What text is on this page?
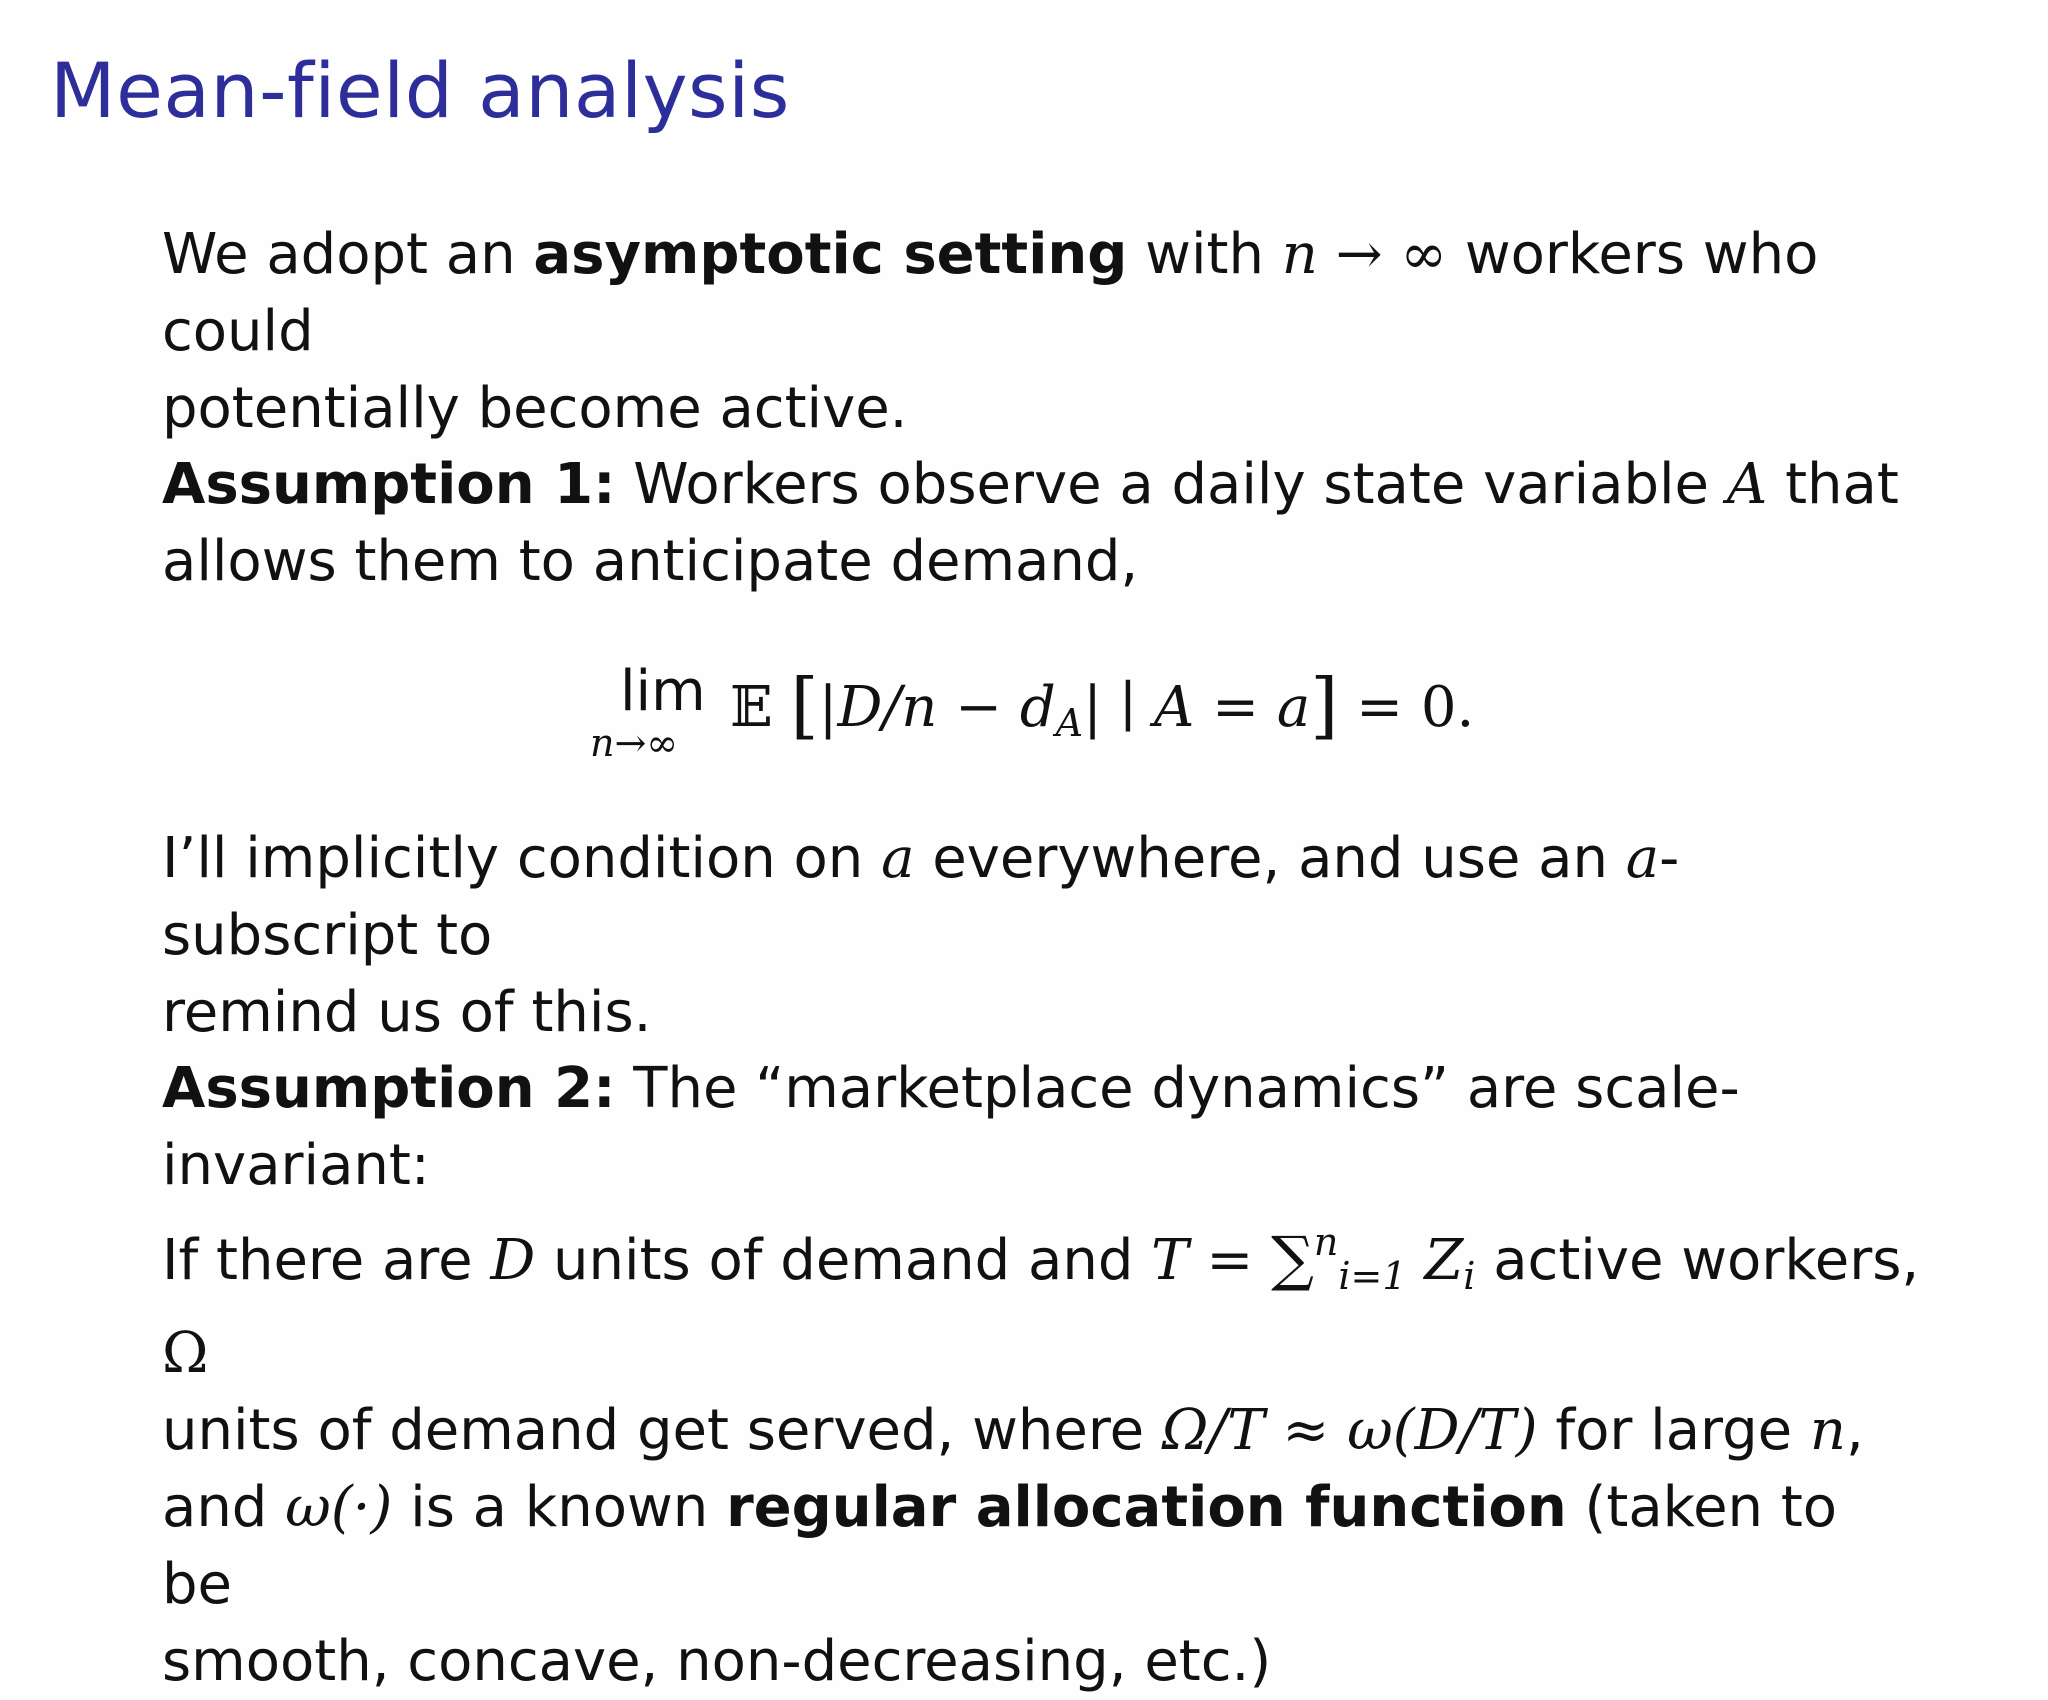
Mean-field analysis
We adopt an asymptotic setting with n → ∞ workers who could
potentially become active.
Assumption 1: Workers observe a daily state variable A that
allows them to anticipate demand,
lim
n→∞
𝔼 [$|D/n - d_A|$ ∣ A = a] = 0.
I’ll implicitly condition on a everywhere, and use an a-subscript to
remind us of this.
Assumption 2: The “marketplace dynamics” are scale-invariant:
If there are D units of demand and T = ∑$^n_{i=1}$ $Z_i$ active workers, Ω
units of demand get served, where Ω/T ≈ ω(D/T) for large n,
and ω(·) is a known regular allocation function (taken to be
smooth, concave, non-decreasing, etc.)
